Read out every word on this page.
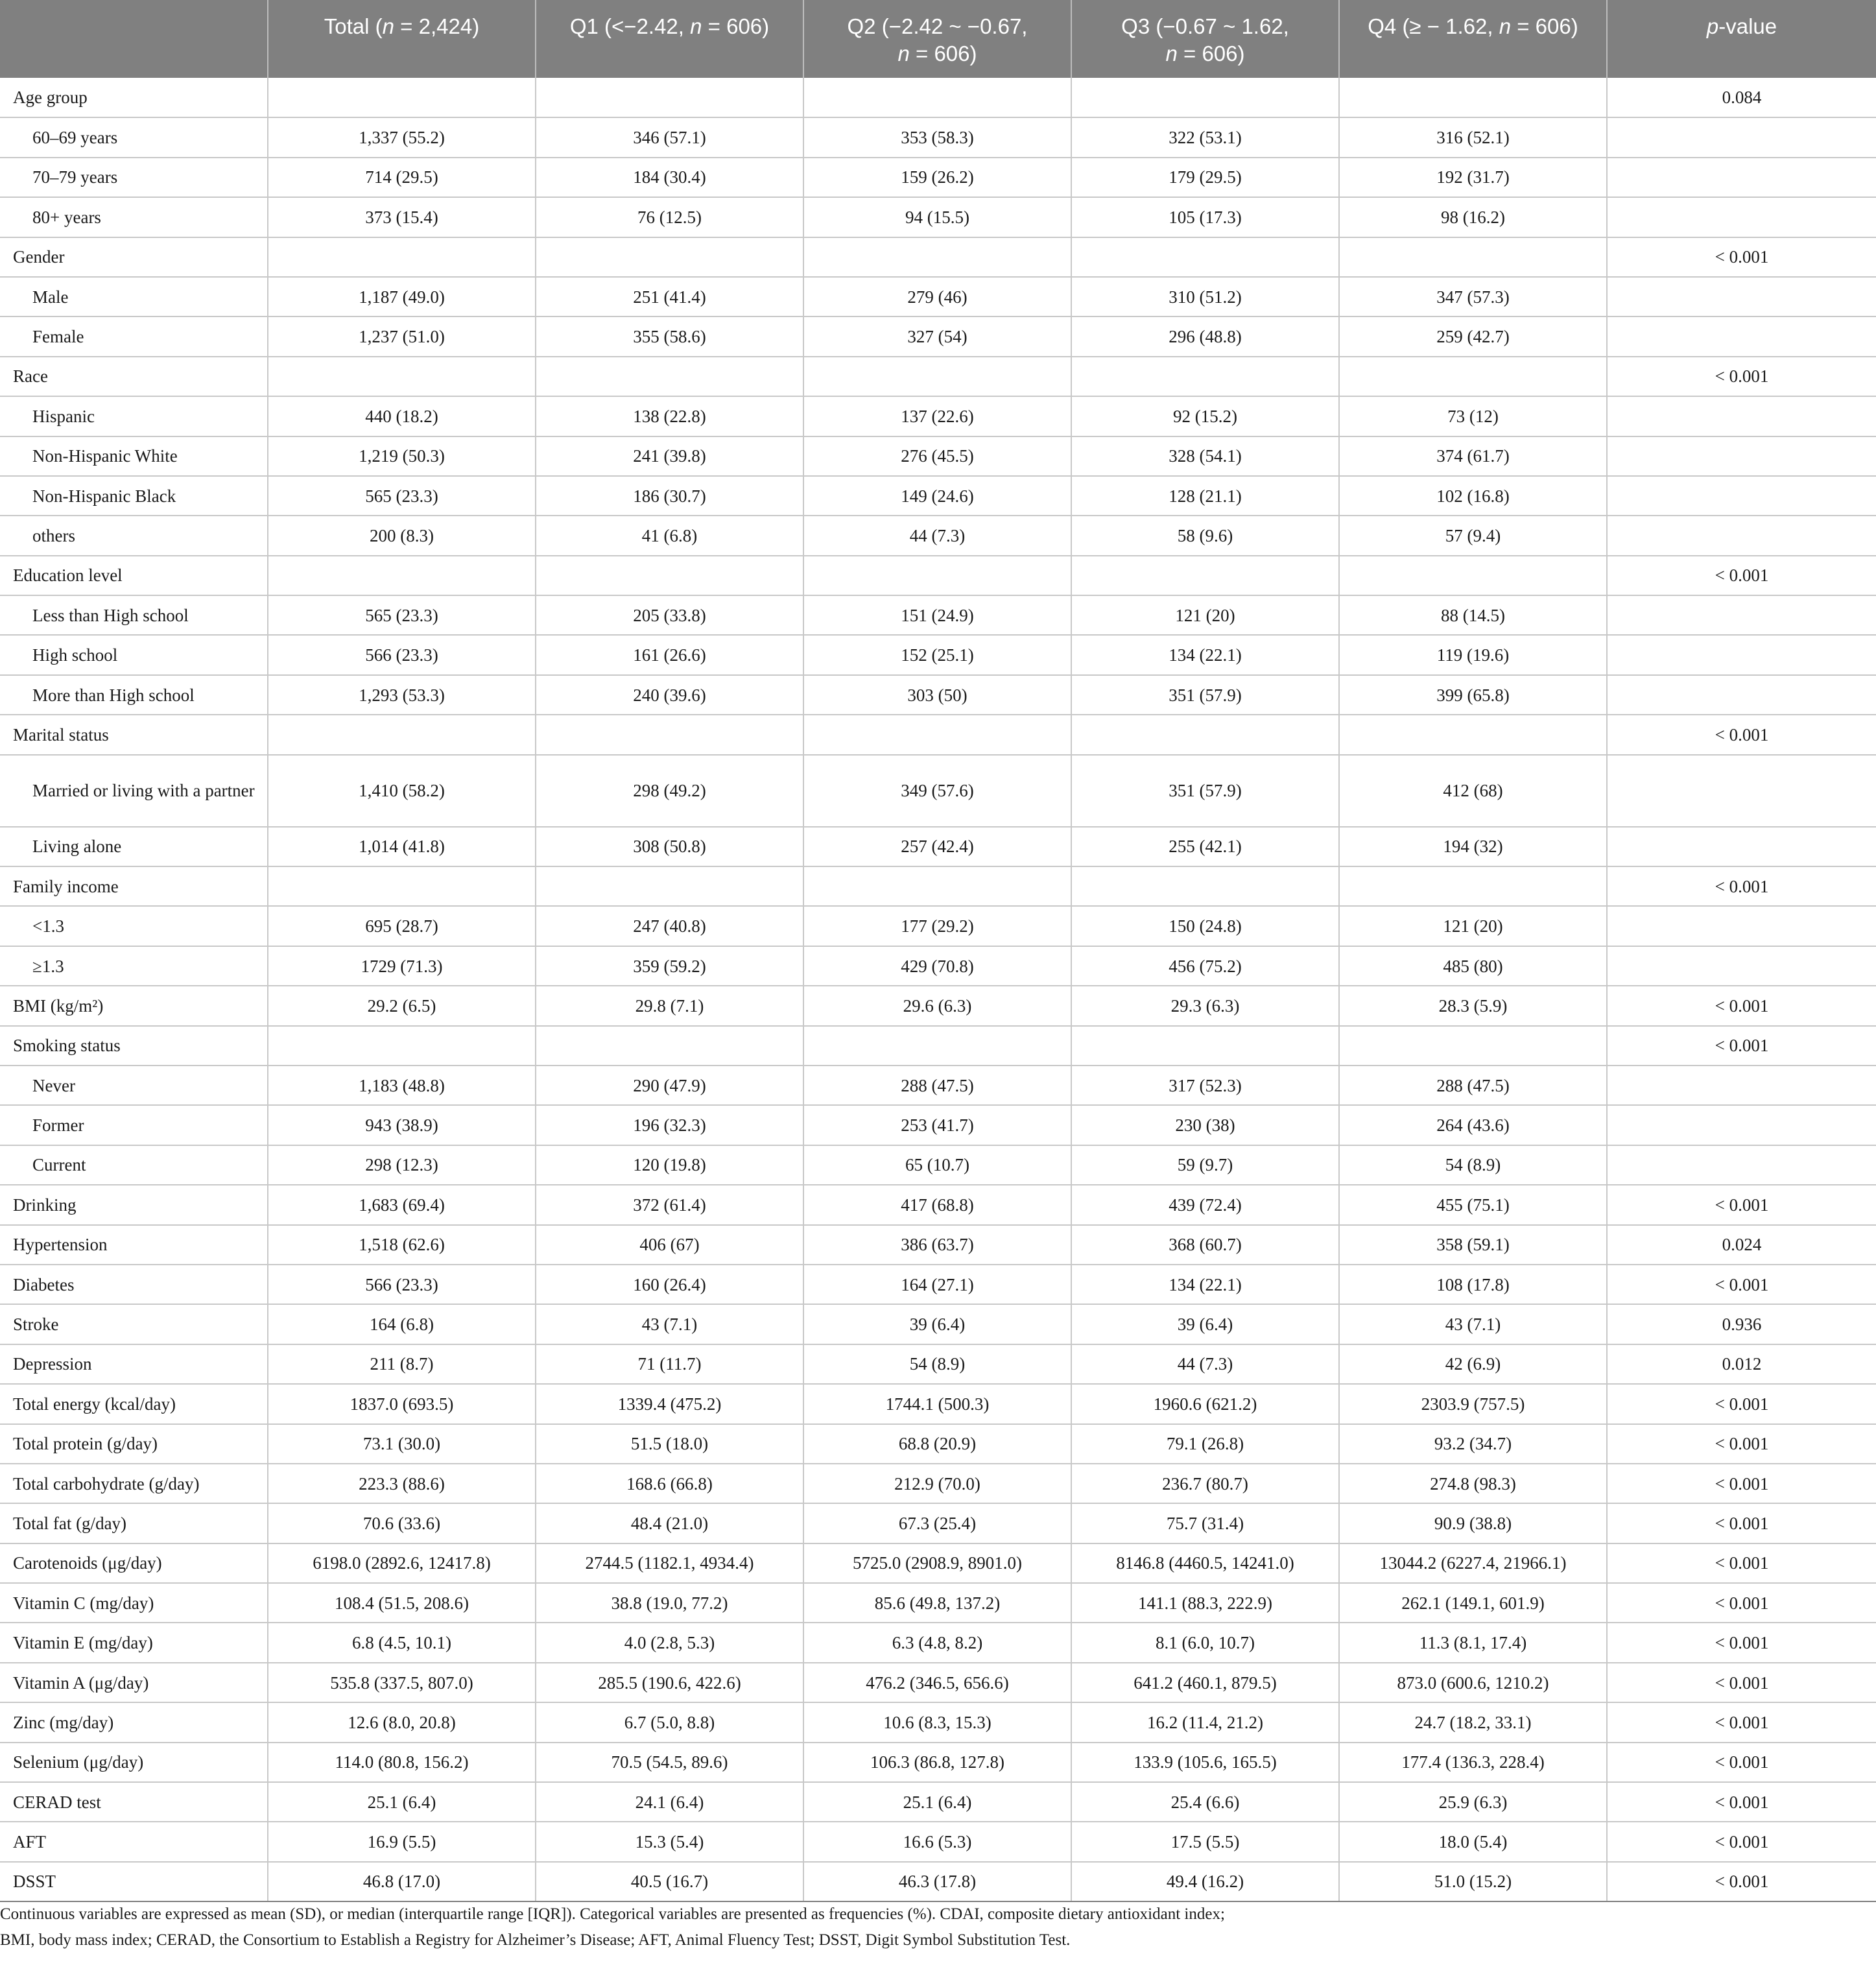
	Total (n = 2,424)	Q1 (<−2.42, n = 606)	Q2 (−2.42 ~ −0.67,
n = 606)	Q3 (−0.67 ~ 1.62,
n = 606)	Q4 (≥ − 1.62, n = 606)	p-value
Age group						0.084
60–69 years	1,337 (55.2)	346 (57.1)	353 (58.3)	322 (53.1)	316 (52.1)	
70–79 years	714 (29.5)	184 (30.4)	159 (26.2)	179 (29.5)	192 (31.7)	
80+ years	373 (15.4)	76 (12.5)	94 (15.5)	105 (17.3)	98 (16.2)	
Gender						< 0.001
Male	1,187 (49.0)	251 (41.4)	279 (46)	310 (51.2)	347 (57.3)	
Female	1,237 (51.0)	355 (58.6)	327 (54)	296 (48.8)	259 (42.7)	
Race						< 0.001
Hispanic	440 (18.2)	138 (22.8)	137 (22.6)	92 (15.2)	73 (12)	
Non-Hispanic White	1,219 (50.3)	241 (39.8)	276 (45.5)	328 (54.1)	374 (61.7)	
Non-Hispanic Black	565 (23.3)	186 (30.7)	149 (24.6)	128 (21.1)	102 (16.8)	
others	200 (8.3)	41 (6.8)	44 (7.3)	58 (9.6)	57 (9.4)	
Education level						< 0.001
Less than High school	565 (23.3)	205 (33.8)	151 (24.9)	121 (20)	88 (14.5)	
High school	566 (23.3)	161 (26.6)	152 (25.1)	134 (22.1)	119 (19.6)	
More than High school	1,293 (53.3)	240 (39.6)	303 (50)	351 (57.9)	399 (65.8)	
Marital status						< 0.001
Married or living with a partner	1,410 (58.2)	298 (49.2)	349 (57.6)	351 (57.9)	412 (68)	
Living alone	1,014 (41.8)	308 (50.8)	257 (42.4)	255 (42.1)	194 (32)	
Family income						< 0.001
<1.3	695 (28.7)	247 (40.8)	177 (29.2)	150 (24.8)	121 (20)	
≥1.3	1729 (71.3)	359 (59.2)	429 (70.8)	456 (75.2)	485 (80)	
BMI (kg/m²)	29.2 (6.5)	29.8 (7.1)	29.6 (6.3)	29.3 (6.3)	28.3 (5.9)	< 0.001
Smoking status						< 0.001
Never	1,183 (48.8)	290 (47.9)	288 (47.5)	317 (52.3)	288 (47.5)	
Former	943 (38.9)	196 (32.3)	253 (41.7)	230 (38)	264 (43.6)	
Current	298 (12.3)	120 (19.8)	65 (10.7)	59 (9.7)	54 (8.9)	
Drinking	1,683 (69.4)	372 (61.4)	417 (68.8)	439 (72.4)	455 (75.1)	< 0.001
Hypertension	1,518 (62.6)	406 (67)	386 (63.7)	368 (60.7)	358 (59.1)	0.024
Diabetes	566 (23.3)	160 (26.4)	164 (27.1)	134 (22.1)	108 (17.8)	< 0.001
Stroke	164 (6.8)	43 (7.1)	39 (6.4)	39 (6.4)	43 (7.1)	0.936
Depression	211 (8.7)	71 (11.7)	54 (8.9)	44 (7.3)	42 (6.9)	0.012
Total energy (kcal/day)	1837.0 (693.5)	1339.4 (475.2)	1744.1 (500.3)	1960.6 (621.2)	2303.9 (757.5)	< 0.001
Total protein (g/day)	73.1 (30.0)	51.5 (18.0)	68.8 (20.9)	79.1 (26.8)	93.2 (34.7)	< 0.001
Total carbohydrate (g/day)	223.3 (88.6)	168.6 (66.8)	212.9 (70.0)	236.7 (80.7)	274.8 (98.3)	< 0.001
Total fat (g/day)	70.6 (33.6)	48.4 (21.0)	67.3 (25.4)	75.7 (31.4)	90.9 (38.8)	< 0.001
Carotenoids (μg/day)	6198.0 (2892.6, 12417.8)	2744.5 (1182.1, 4934.4)	5725.0 (2908.9, 8901.0)	8146.8 (4460.5, 14241.0)	13044.2 (6227.4, 21966.1)	< 0.001
Vitamin C (mg/day)	108.4 (51.5, 208.6)	38.8 (19.0, 77.2)	85.6 (49.8, 137.2)	141.1 (88.3, 222.9)	262.1 (149.1, 601.9)	< 0.001
Vitamin E (mg/day)	6.8 (4.5, 10.1)	4.0 (2.8, 5.3)	6.3 (4.8, 8.2)	8.1 (6.0, 10.7)	11.3 (8.1, 17.4)	< 0.001
Vitamin A (μg/day)	535.8 (337.5, 807.0)	285.5 (190.6, 422.6)	476.2 (346.5, 656.6)	641.2 (460.1, 879.5)	873.0 (600.6, 1210.2)	< 0.001
Zinc (mg/day)	12.6 (8.0, 20.8)	6.7 (5.0, 8.8)	10.6 (8.3, 15.3)	16.2 (11.4, 21.2)	24.7 (18.2, 33.1)	< 0.001
Selenium (μg/day)	114.0 (80.8, 156.2)	70.5 (54.5, 89.6)	106.3 (86.8, 127.8)	133.9 (105.6, 165.5)	177.4 (136.3, 228.4)	< 0.001
CERAD test	25.1 (6.4)	24.1 (6.4)	25.1 (6.4)	25.4 (6.6)	25.9 (6.3)	< 0.001
AFT	16.9 (5.5)	15.3 (5.4)	16.6 (5.3)	17.5 (5.5)	18.0 (5.4)	< 0.001
DSST	46.8 (17.0)	40.5 (16.7)	46.3 (17.8)	49.4 (16.2)	51.0 (15.2)	< 0.001
Continuous variables are expressed as mean (SD), or median (interquartile range [IQR]). Categorical variables are presented as frequencies (%). CDAI, composite dietary antioxidant index;
BMI, body mass index; CERAD, the Consortium to Establish a Registry for Alzheimer’s Disease; AFT, Animal Fluency Test; DSST, Digit Symbol Substitution Test.
